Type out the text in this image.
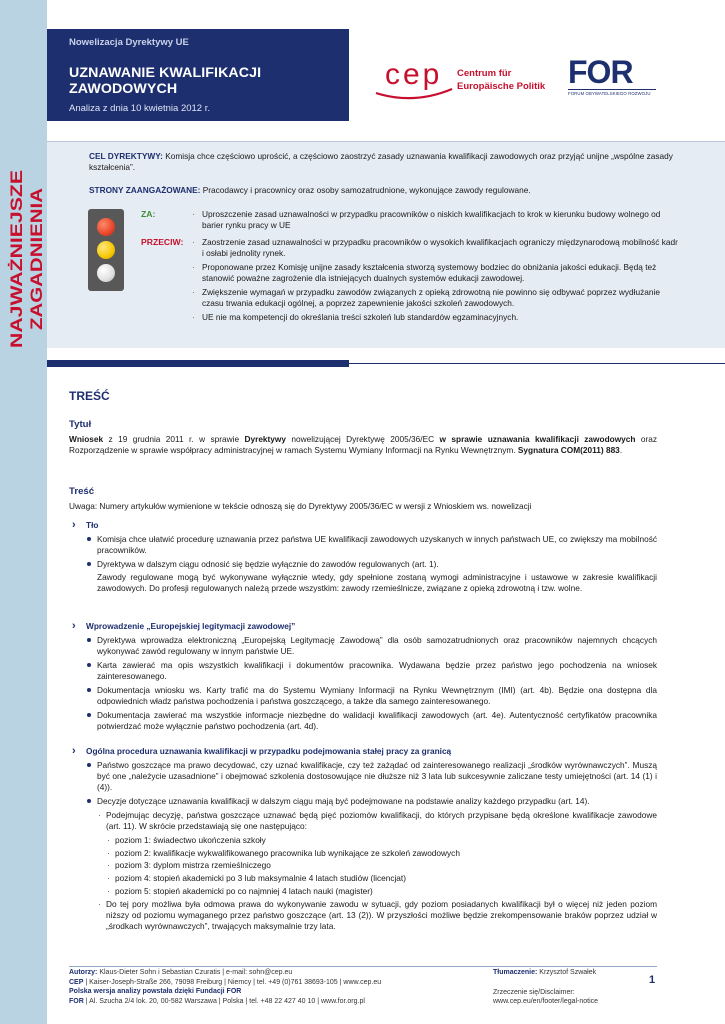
NAJWAŻNIEJSZE ZAGADNIENIA
Nowelizacja Dyrektywy UE
UZNAWANIE KWALIFIKACJI
ZAWODOWYCH
Analiza z dnia 10 kwietnia 2012 r.
cep Centrum für
Europäische Politik FOR
FORUM OBYWATELSKIEGO ROZWOJU
CEL DYREKTYWY: Komisja chce częściowo uprościć, a częściowo zaostrzyć zasady uznawania kwalifikacji zawodowych oraz przyjąć unijne „wspólne zasady kształcenia”.
STRONY ZAANGAŻOWANE: Pracodawcy i pracownicy oraz osoby samozatrudnione, wykonujące zawody regulowane.
ZA:	· Uproszczenie zasad uznawalności w przypadku pracowników o niskich kwalifikacjach to krok w kierunku budowy wolnego od barier rynku pracy w UE
PRZECIW:	· Zaostrzenie zasad uznawalności w przypadku pracowników o wysokich kwalifikacjach ograniczy międzynarodową mobilność kadr i osłabi jednolity rynek.
· Proponowane przez Komisję unijne zasady kształcenia stworzą systemowy bodziec do obniżania jakości edukacji. Będą też stanowić poważne zagrożenie dla istniejących dualnych systemów edukacji zawodowej.
· Zwiększenie wymagań w przypadku zawodów związanych z opieką zdrowotną nie powinno się odbywać poprzez wydłużanie czasu trwania edukacji ogólnej, a poprzez zapewnienie jakości szkoleń zawodowych.
· UE nie ma kompetencji do określania treści szkoleń lub standardów egzaminacyjnych.
TREŚĆ
Tytuł
Wniosek z 19 grudnia 2011 r. w sprawie Dyrektywy nowelizującej Dyrektywę 2005/36/EC w sprawie uznawania kwalifikacji zawodowych oraz Rozporządzenie w sprawie współpracy administracyjnej w ramach Systemu Wymiany Informacji na Rynku Wewnętrznym. Sygnatura COM(2011) 883.
Treść
Uwaga: Numery artykułów wymienione w tekście odnoszą się do Dyrektywy 2005/36/EC w wersji z Wnioskiem ws. nowelizacji
› Tło
Komisja chce ułatwić procedurę uznawania przez państwa UE kwalifikacji zawodowych uzyskanych w innych państwach UE, co zwiększy ma mobilność pracowników.
Dyrektywa w dalszym ciągu odnosić się będzie wyłącznie do zawodów regulowanych (art. 1).

Zawody regulowane mogą być wykonywane wyłącznie wtedy, gdy spełnione zostaną wymogi administracyjne i ustawowe w zakresie kwalifikacji zawodowych. Do profesji regulowanych należą przede wszystkim: zawody rzemieślnicze, związane z opieką zdrowotną i tzw. wolne.

› Wprowadzenie „Europejskiej legitymacji zawodowej”
Dyrektywa wprowadza elektroniczną „Europejską Legitymację Zawodową” dla osób samozatrudnionych oraz pracowników najemnych chcących wykonywać zawód regulowany w innym państwie UE.
Karta zawierać ma opis wszystkich kwalifikacji i dokumentów pracownika. Wydawana będzie przez państwo jego pochodzenia na wniosek zainteresowanego.
Dokumentacja wniosku ws. Karty trafić ma do Systemu Wymiany Informacji na Rynku Wewnętrznym (IMI) (art. 4b). Będzie ona dostępna dla odpowiednich władz państwa pochodzenia i państwa goszczącego, a także dla samego zainteresowanego.
Dokumentacja zawierać ma wszystkie informacje niezbędne do walidacji kwalifikacji zawodowych (art. 4e). Autentyczność certyfikatów pracownika potwierdzać może wyłącznie państwo pochodzenia (art. 4d).
› Ogólna procedura uznawania kwalifikacji w przypadku podejmowania stałej pracy za granicą
Państwo goszczące ma prawo decydować, czy uznać kwalifikacje, czy też zażądać od zainteresowanego realizacji „środków wyrównawczych”. Muszą być one „należycie uzasadnione” i obejmować szkolenia dostosowujące nie dłuższe niż 3 lata lub sukcesywnie zaliczane testy umiejętności (art. 14 (1) i (4)).
Decyzje dotyczące uznawania kwalifikacji w dalszym ciągu mają być podejmowane na podstawie analizy każdego przypadku (art. 14).
· Podejmując decyzję, państwa goszczące uznawać będą pięć poziomów kwalifikacji, do których przypisane będą określone kwalifikacje zawodowe (art. 11). W skrócie przedstawiają się one następująco:
· poziom 1: świadectwo ukończenia szkoły
· poziom 2: kwalifikacje wykwalifikowanego pracownika lub wynikające ze szkoleń zawodowych
· poziom 3: dyplom mistrza rzemieślniczego
· poziom 4: stopień akademicki po 3 lub maksymalnie 4 latach studiów (licencjat)
· poziom 5: stopień akademicki po co najmniej 4 latach nauki (magister)
· Do tej pory możliwa była odmowa prawa do wykonywanie zawodu w sytuacji, gdy poziom posiadanych kwalifikacji był o więcej niż jeden poziom niższy od poziomu wymaganego przez państwo goszczące (art. 13 (2)). W przyszłości możliwe będzie zrekompensowanie braków poprzez udział w „środkach wyrównawczych”, trwających maksymalnie trzy lata.
Autorzy: Klaus-Dieter Sohn i Sebastian Czuratis | e-mail: sohn@cep.eu
CEP | Kaiser-Joseph-Straße 266, 79098 Freiburg | Niemcy | tel. +49 (0)761 38693-105 | www.cep.eu
Polska wersja analizy powstała dzięki Fundacji FOR
FOR | Al. Szucha 2/4 lok. 20, 00-582 Warszawa | Polska | tel. +48 22 427 40 10 | www.for.org.pl
Tłumaczenie: Krzysztof Szwałek
Zrzeczenie się/Disclaimer:
www.cep.eu/en/footer/legal-notice
1
